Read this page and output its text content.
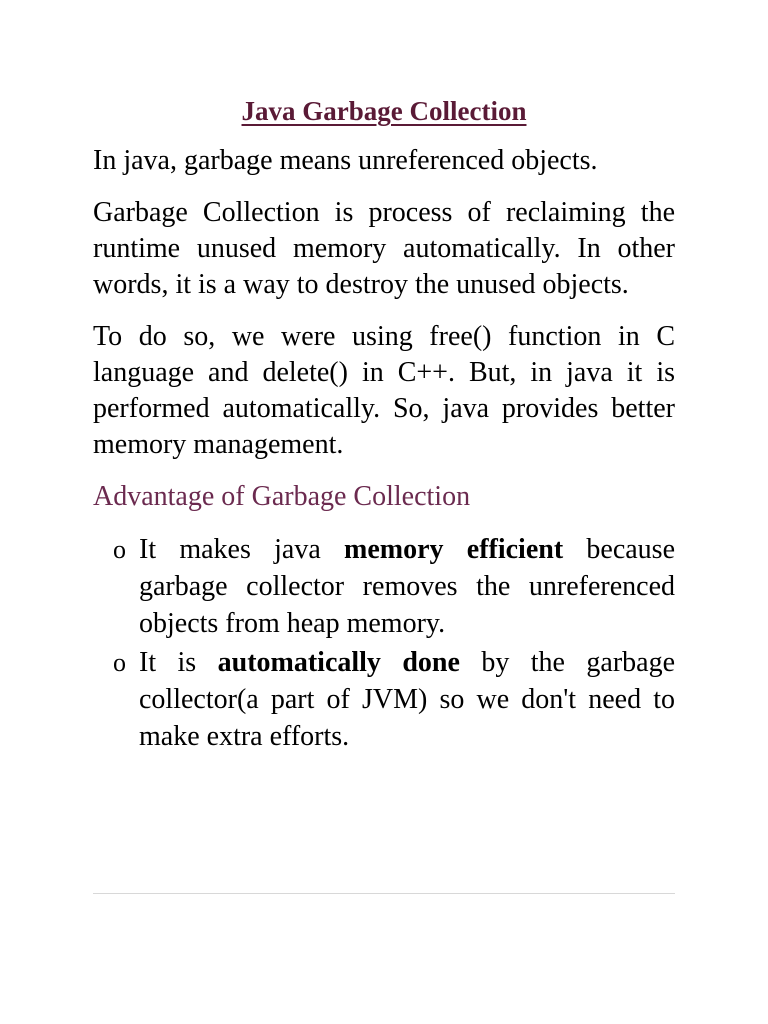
Java Garbage Collection

In java, garbage means unreferenced objects.

Garbage Collection is process of reclaiming the runtime unused memory automatically. In other words, it is a way to destroy the unused objects.

To do so, we were using free() function in C language and delete() in C++. But, in java it is performed automatically. So, java provides better memory management.

Advantage of Garbage Collection
o It makes java memory efficient because garbage collector removes the unreferenced objects from heap memory.
o It is automatically done by the garbage collector(a part of JVM) so we don't need to make extra efforts.
